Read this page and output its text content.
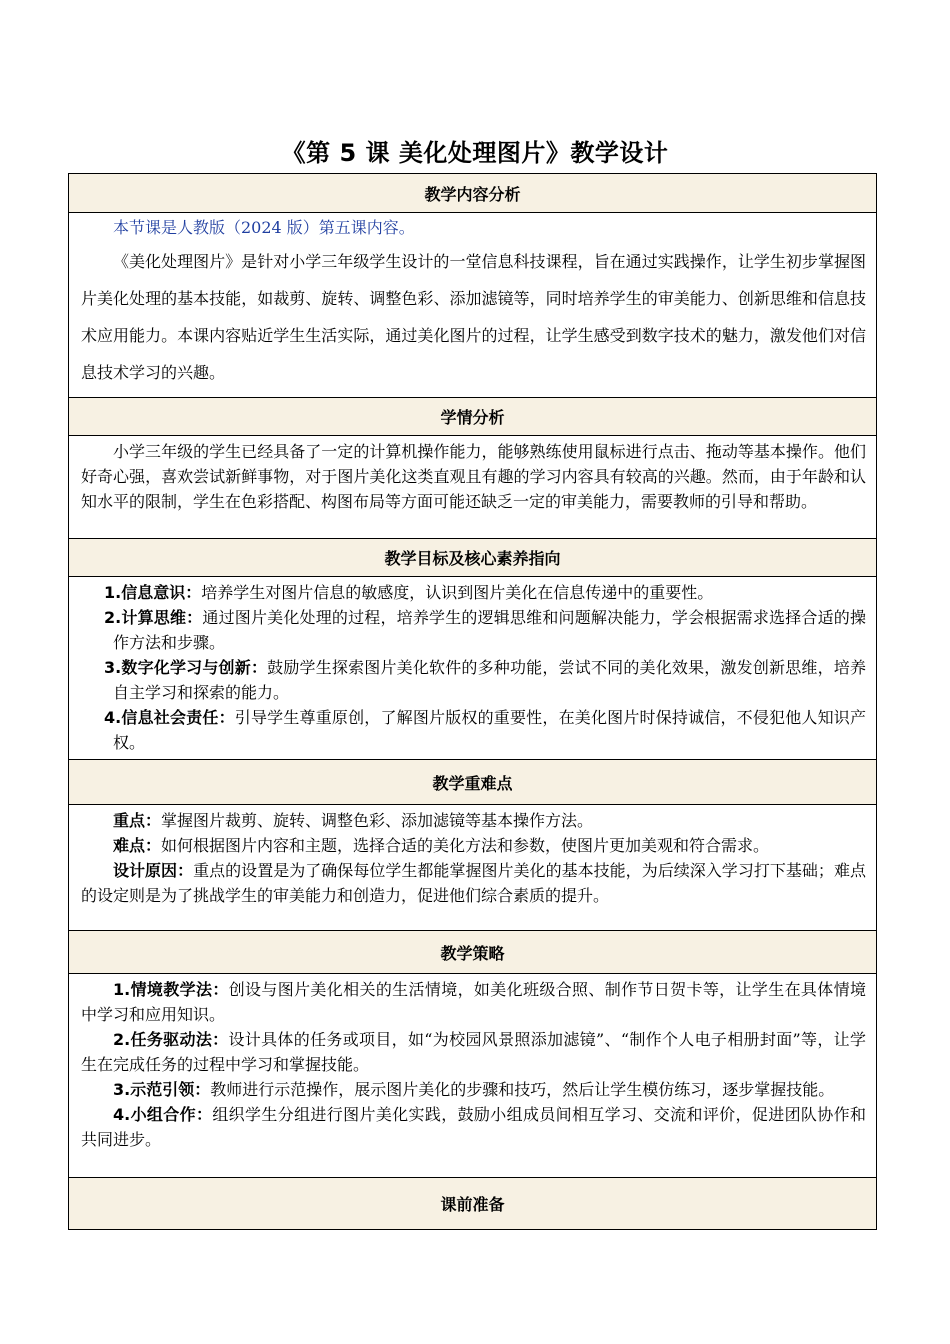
《第 5 课 美化处理图片》教学设计
教学内容分析

本节课是人教版（2024 版）第五课内容。

《美化处理图片》是针对小学三年级学生设计的一堂信息科技课程，旨在通过实践操作，让学生初步掌握图片美化处理的基本技能，如裁剪、旋转、调整色彩、添加滤镜等，同时培养学生的审美能力、创新思维和信息技术应用能力。本课内容贴近学生生活实际，通过美化图片的过程，让学生感受到数字技术的魅力，激发他们对信息技术学习的兴趣。

学情分析

小学三年级的学生已经具备了一定的计算机操作能力，能够熟练使用鼠标进行点击、拖动等基本操作。他们好奇心强，喜欢尝试新鲜事物，对于图片美化这类直观且有趣的学习内容具有较高的兴趣。然而，由于年龄和认知水平的限制，学生在色彩搭配、构图布局等方面可能还缺乏一定的审美能力，需要教师的引导和帮助。

教学目标及核心素养指向

1.信息意识：培养学生对图片信息的敏感度，认识到图片美化在信息传递中的重要性。

2.计算思维：通过图片美化处理的过程，培养学生的逻辑思维和问题解决能力，学会根据需求选择合适的操作方法和步骤。

3.数字化学习与创新：鼓励学生探索图片美化软件的多种功能，尝试不同的美化效果，激发创新思维，培养自主学习和探索的能力。

4.信息社会责任：引导学生尊重原创，了解图片版权的重要性，在美化图片时保持诚信，不侵犯他人知识产权。

教学重难点

重点：掌握图片裁剪、旋转、调整色彩、添加滤镜等基本操作方法。

难点：如何根据图片内容和主题，选择合适的美化方法和参数，使图片更加美观和符合需求。

设计原因：重点的设置是为了确保每位学生都能掌握图片美化的基本技能，为后续深入学习打下基础；难点的设定则是为了挑战学生的审美能力和创造力，促进他们综合素质的提升。

教学策略

1.情境教学法：创设与图片美化相关的生活情境，如美化班级合照、制作节日贺卡等，让学生在具体情境中学习和应用知识。

2.任务驱动法：设计具体的任务或项目，如“为校园风景照添加滤镜”、“制作个人电子相册封面”等，让学生在完成任务的过程中学习和掌握技能。

3.示范引领：教师进行示范操作，展示图片美化的步骤和技巧，然后让学生模仿练习，逐步掌握技能。

4.小组合作：组织学生分组进行图片美化实践，鼓励小组成员间相互学习、交流和评价，促进团队协作和共同进步。

课前准备
